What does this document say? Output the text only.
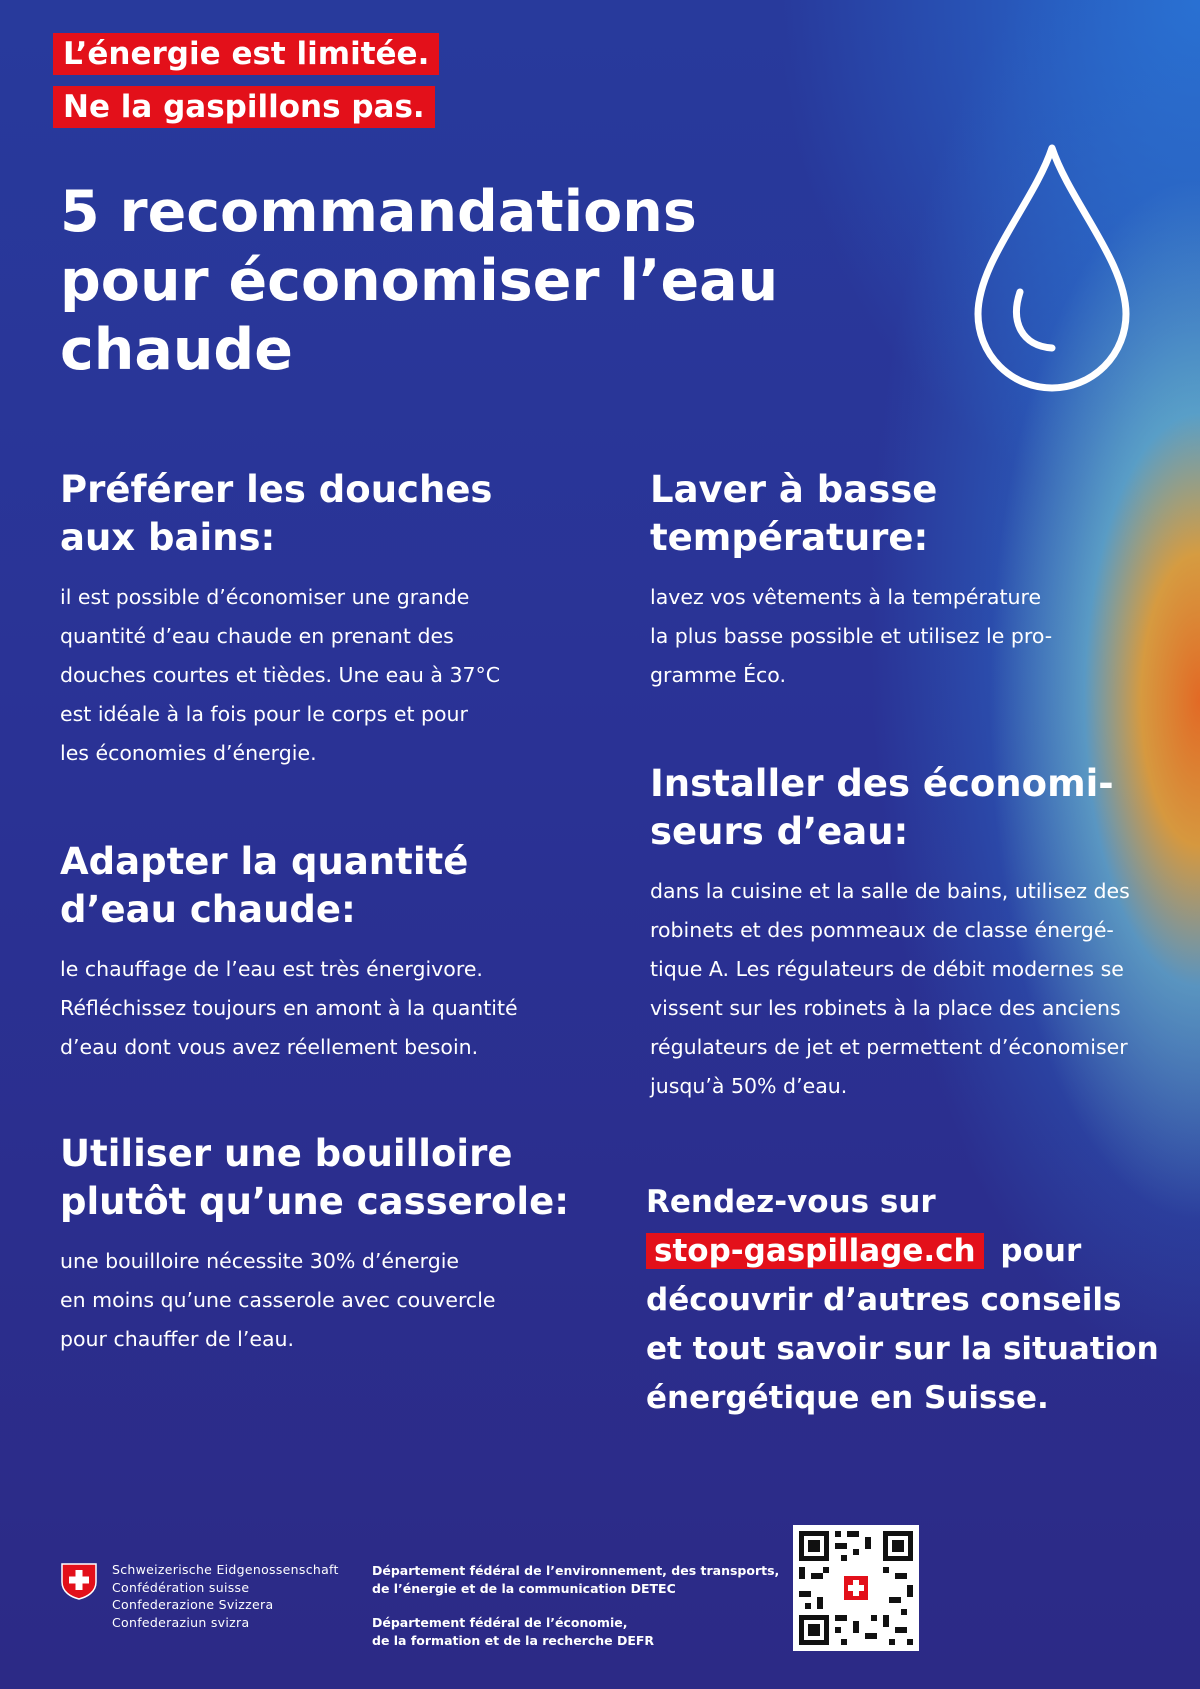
L’énergie est limitée.
Ne la gaspillons pas.
5 recommandations
pour économiser l’eau
chaude
Préférer les douches
aux bains:

il est possible d’économiser une grande
quantité d’eau chaude en prenant des
douches courtes et tièdes. Une eau à 37°C
est idéale à la fois pour le corps et pour
les économies d’énergie.

Adapter la quantité
d’eau chaude:

le chauffage de l’eau est très énergivore.
Réfléchissez toujours en amont à la quantité
d’eau dont vous avez réellement besoin.

Utiliser une bouilloire
plutôt qu’une casserole:

une bouilloire nécessite 30% d’énergie
en moins qu’une casserole avec couvercle
pour chauffer de l’eau.

Laver à basse
température:

lavez vos vêtements à la température
la plus basse possible et utilisez le pro-
gramme Éco.

Installer des économi-
seurs d’eau:

dans la cuisine et la salle de bains, utilisez des
robinets et des pommeaux de classe énergé-
tique A. Les régulateurs de débit modernes se
vissent sur les robinets à la place des anciens
régulateurs de jet et permettent d’économiser
jusqu’à 50% d’eau.

Rendez-vous sur
stop-gaspillage.ch pour
découvrir d’autres conseils
et tout savoir sur la situation
énergétique en Suisse.
Schweizerische Eidgenossenschaft
Confédération suisse
Confederazione Svizzera
Confederaziun svizra
Département fédéral de l’environnement, des transports,
de l’énergie et de la communication DETEC
Département fédéral de l’économie,
de la formation et de la recherche DEFR
